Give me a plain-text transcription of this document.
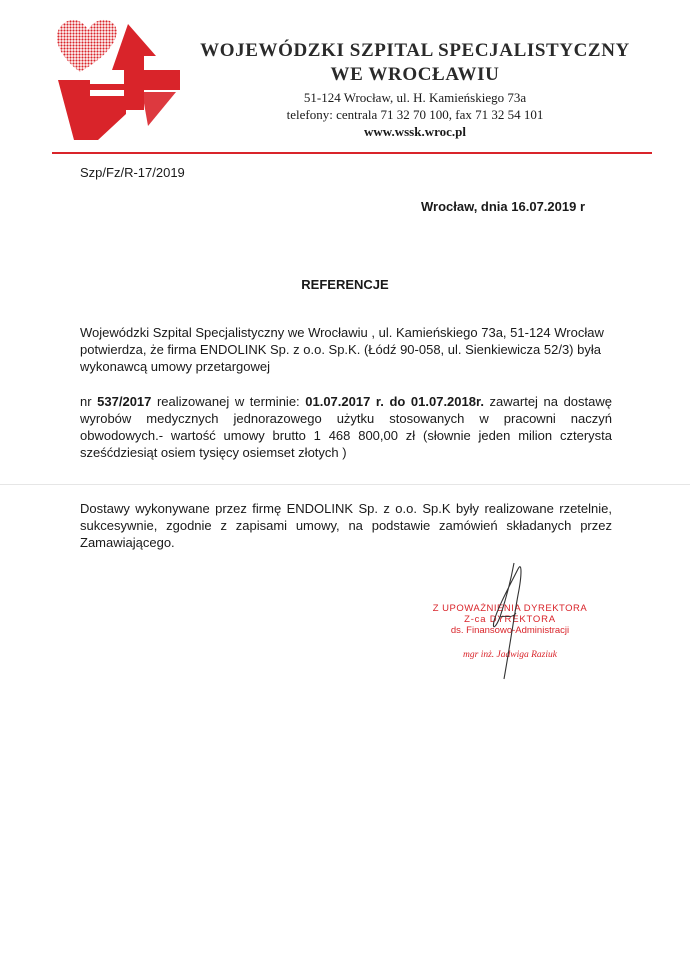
WOJEWÓDZKI SZPITAL SPECJALISTYCZNY
WE WROCŁAWIU
51-124 Wrocław, ul. H. Kamieńskiego 73a
telefony: centrala 71 32 70 100, fax 71 32 54 101
www.wssk.wroc.pl
Szp/Fz/R-17/2019
Wrocław, dnia 16.07.2019 r
REFERENCJE
Wojewódzki Szpital Specjalistyczny we Wrocławiu , ul. Kamieńskiego 73a, 51-124 Wrocław potwierdza, że firma ENDOLINK Sp. z o.o. Sp.K. (Łódź 90-058, ul. Sienkiewicza 52/3) była wykonawcą umowy przetargowej
nr 537/2017 realizowanej w terminie: 01.07.2017 r. do 01.07.2018r. zawartej na dostawę wyrobów medycznych jednorazowego użytku stosowanych w pracowni naczyń obwodowych.- wartość umowy brutto 1 468 800,00 zł (słownie jeden milion czterysta sześćdziesiąt osiem tysięcy osiemset złotych )
Dostawy wykonywane przez firmę ENDOLINK Sp. z o.o. Sp.K były realizowane rzetelnie, sukcesywnie, zgodnie z zapisami umowy, na podstawie zamówień składanych przez Zamawiającego.
Z UPOWAŻNIENIA DYREKTORA
Z-ca DYREKTORA
ds. Finansowo-Administracji
mgr inż. Jadwiga Raziuk
